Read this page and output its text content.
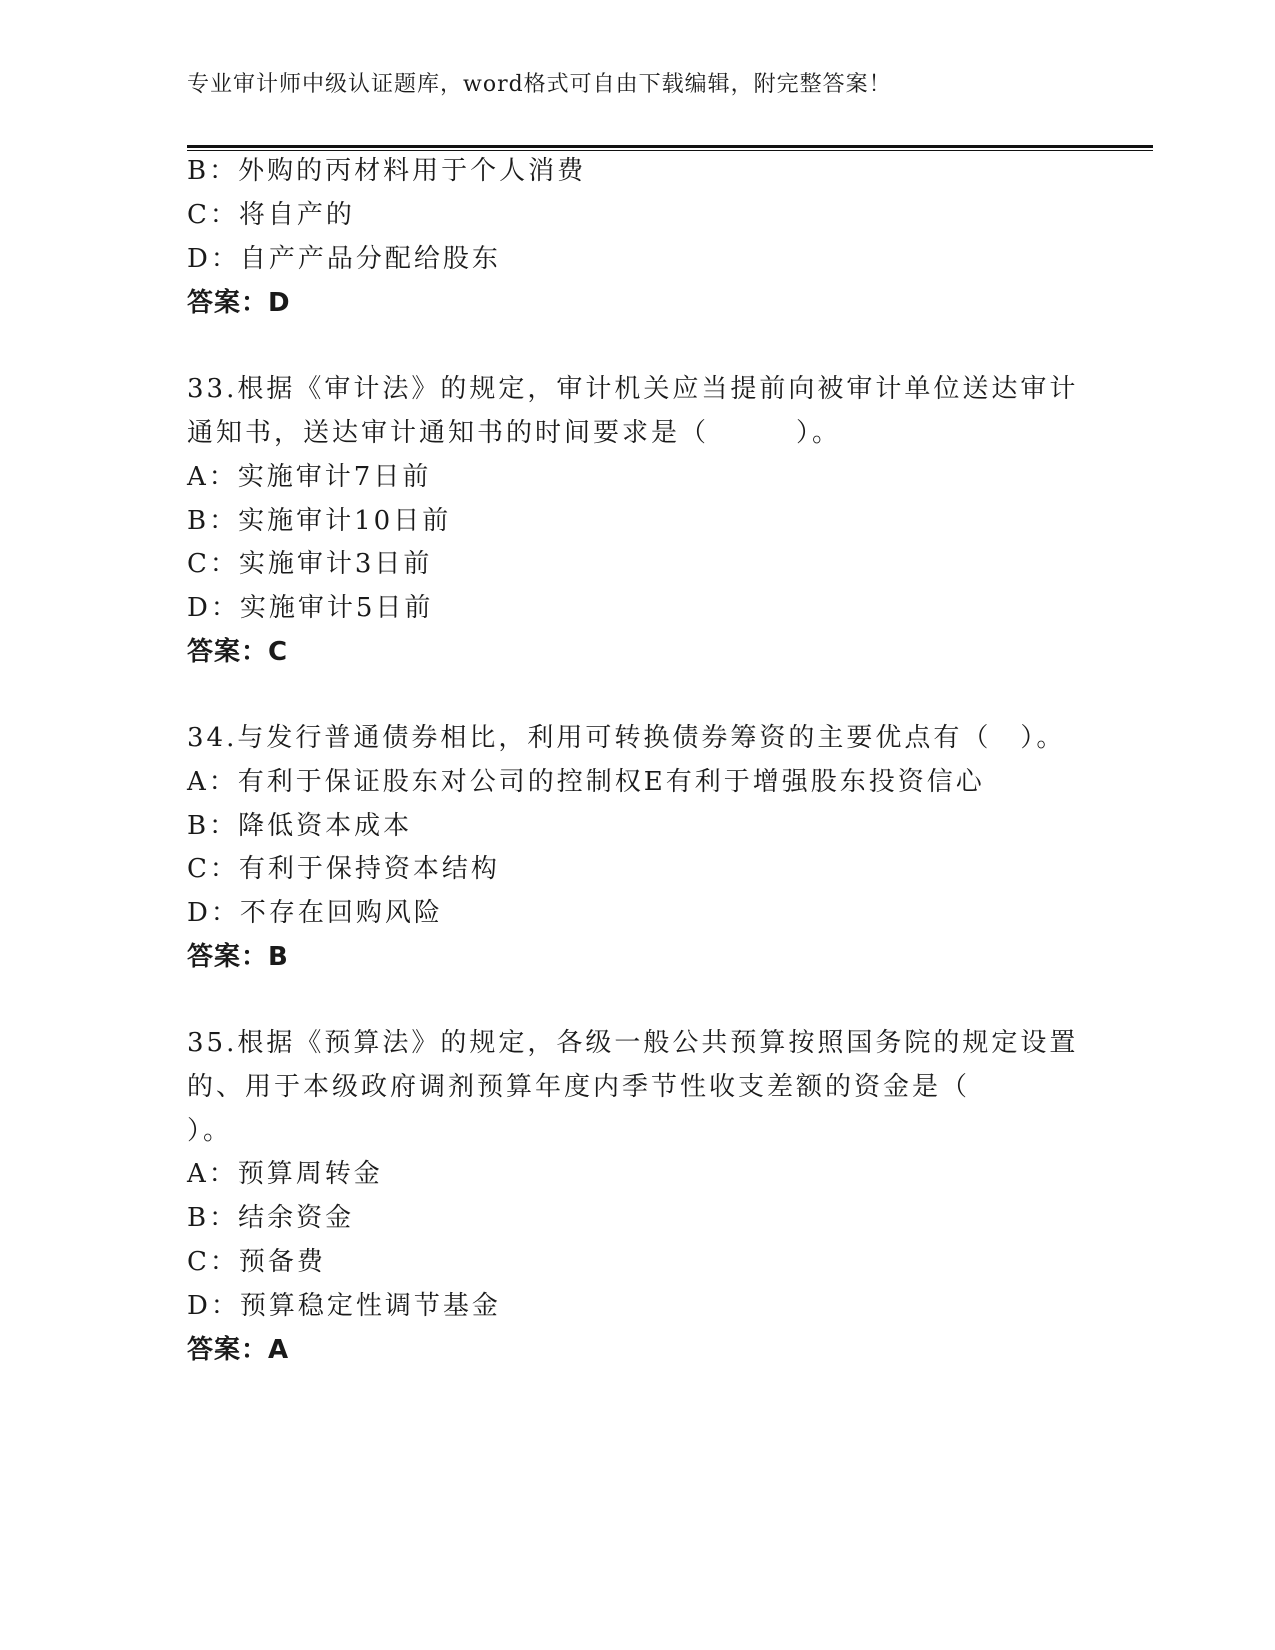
专业审计师中级认证题库，word格式可自由下载编辑，附完整答案！
B：外购的丙材料用于个人消费
C：将自产的
D：自产产品分配给股东
答案：D
33.根据《审计法》的规定，审计机关应当提前向被审计单位送达审计
通知书，送达审计通知书的时间要求是（　　　）。
A：实施审计7日前
B：实施审计10日前
C：实施审计3日前
D：实施审计5日前
答案：C
34.与发行普通债券相比，利用可转换债券筹资的主要优点有（　）。
A：有利于保证股东对公司的控制权E有利于增强股东投资信心
B：降低资本成本
C：有利于保持资本结构
D：不存在回购风险
答案：B
35.根据《预算法》的规定，各级一般公共预算按照国务院的规定设置
的、用于本级政府调剂预算年度内季节性收支差额的资金是（
）。
A：预算周转金
B：结余资金
C：预备费
D：预算稳定性调节基金
答案：A
